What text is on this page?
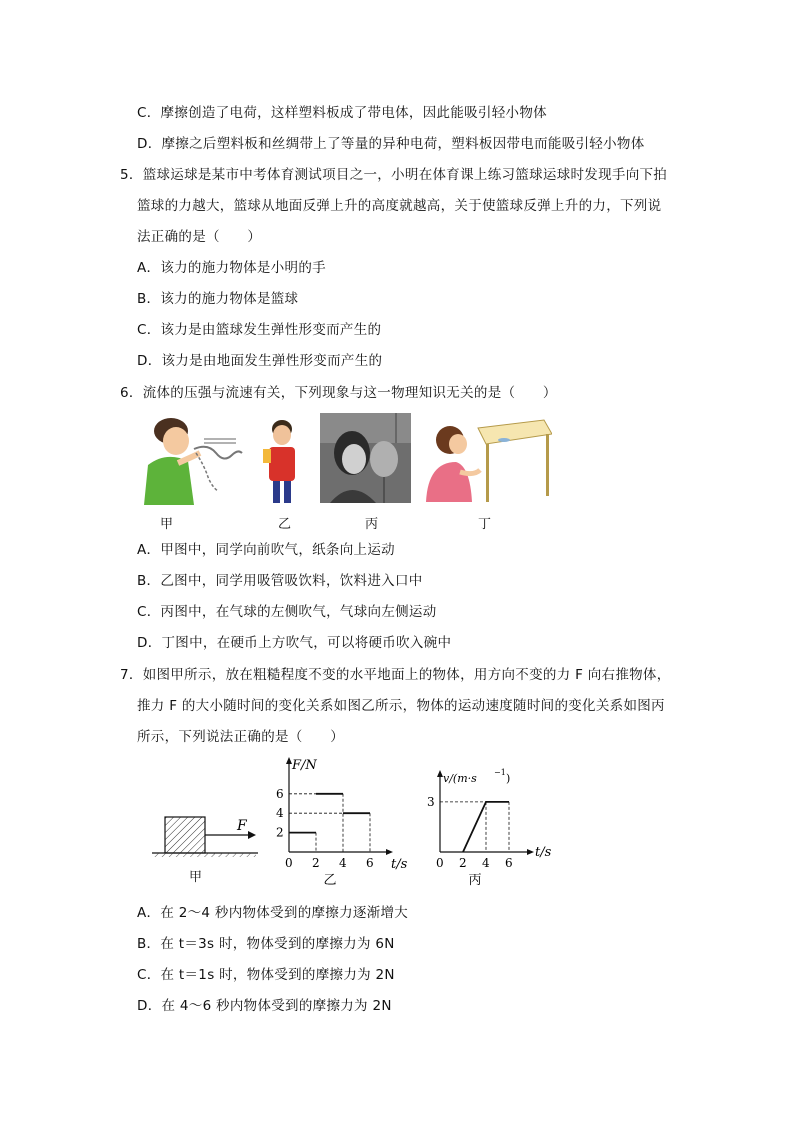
C．摩擦创造了电荷，这样塑料板成了带电体，因此能吸引轻小物体
D．摩擦之后塑料板和丝绸带上了等量的异种电荷，塑料板因带电而能吸引轻小物体
5．篮球运球是某市中考体育测试项目之一，小明在体育课上练习篮球运球时发现手向下拍
篮球的力越大，篮球从地面反弹上升的高度就越高，关于使篮球反弹上升的力，下列说
法正确的是（　　）
A．该力的施力物体是小明的手
B．该力的施力物体是篮球
C．该力是由篮球发生弹性形变而产生的
D．该力是由地面发生弹性形变而产生的
6．流体的压强与流速有关，下列现象与这一物理知识无关的是（　　）
甲	乙	丙	丁
A．甲图中，同学向前吹气，纸条向上运动
B．乙图中，同学用吸管吸饮料，饮料进入口中
C．丙图中，在气球的左侧吹气，气球向左侧运动
D．丁图中，在硬币上方吹气，可以将硬币吹入碗中
7．如图甲所示，放在粗糙程度不变的水平地面上的物体，用方向不变的力 F 向右推物体，
推力 F 的大小随时间的变化关系如图乙所示，物体的运动速度随时间的变化关系如图丙
所示，下列说法正确的是（　　）
F
甲
F/N
t/s
0 2 4 6
2
4
6
乙
v/(m·s −1 )
t/s
0 2 4 6
3
丙
A．在 2～4 秒内物体受到的摩擦力逐渐增大
B．在 t＝3s 时，物体受到的摩擦力为 6N
C．在 t＝1s 时，物体受到的摩擦力为 2N
D．在 4～6 秒内物体受到的摩擦力为 2N
